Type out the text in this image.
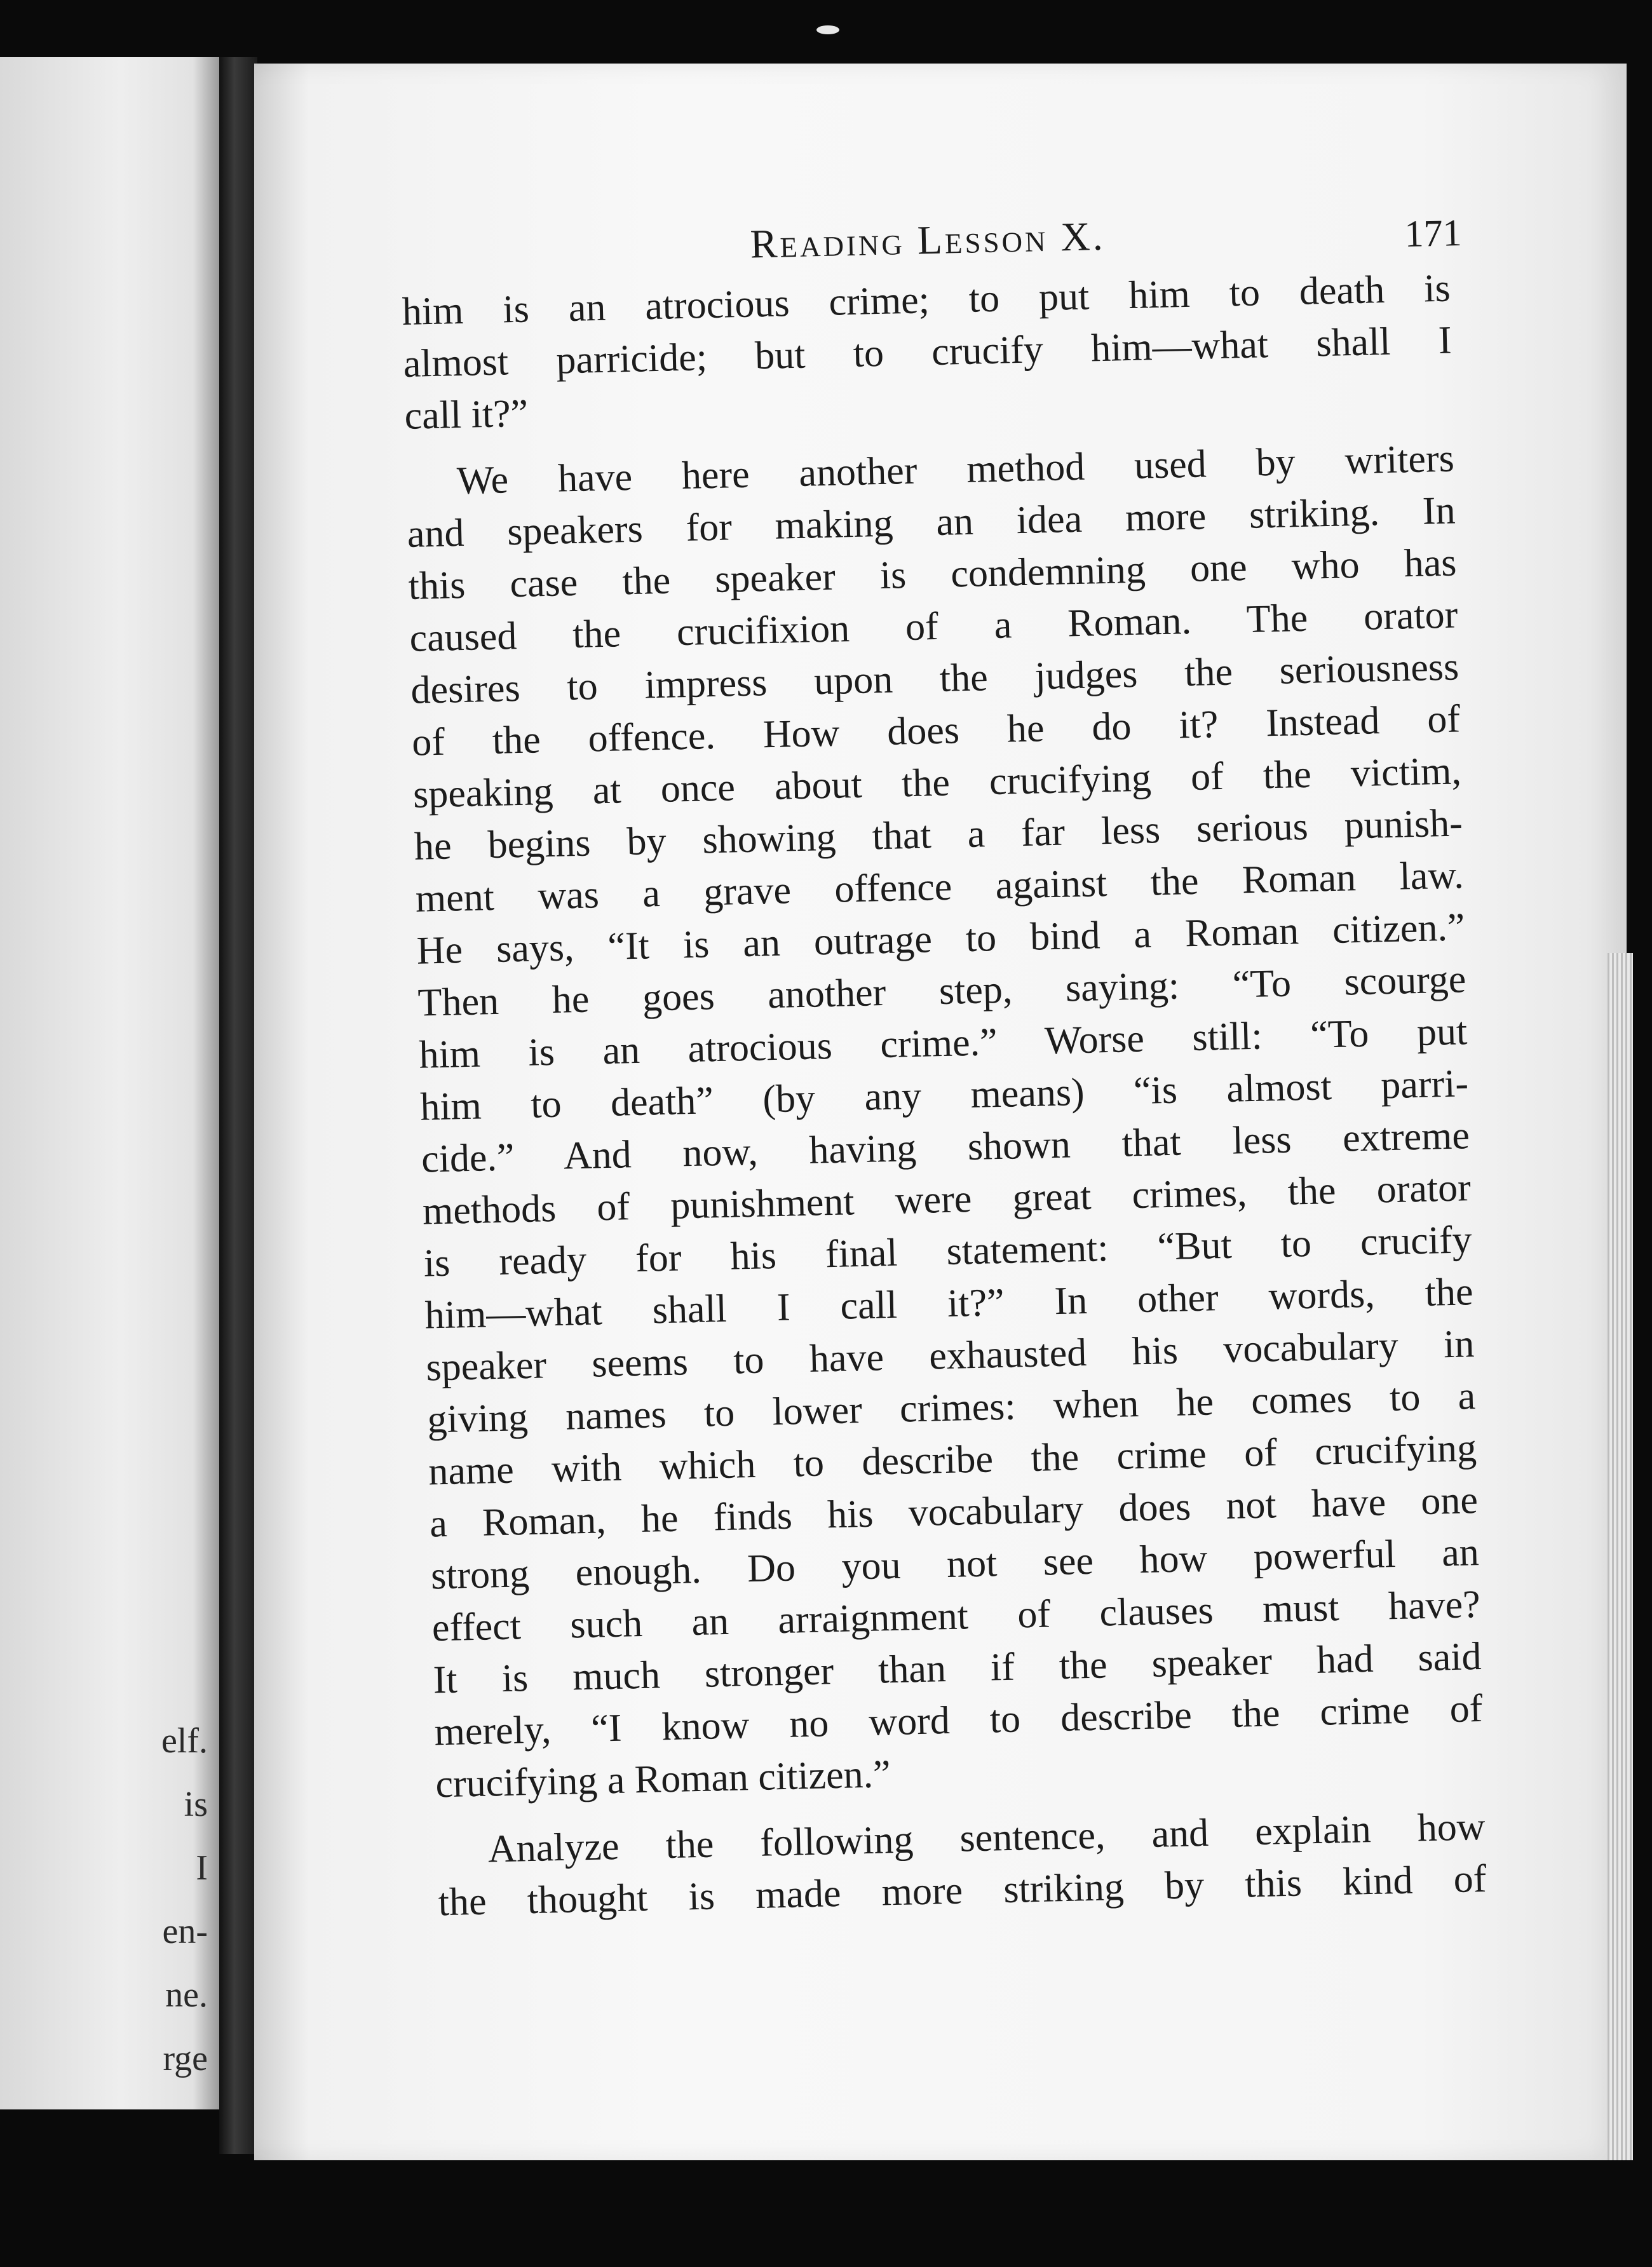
elf.
is
I
en-
ne.
rge
Reading Lesson X.	171
him is an atrocious crime; to put him to death is
almost parricide; but to crucify him—what shall I
call it?”
We have here another method used by writers
and speakers for making an idea more striking. In
this case the speaker is condemning one who has
caused the crucifixion of a Roman. The orator
desires to impress upon the judges the seriousness
of the offence. How does he do it? Instead of
speaking at once about the crucifying of the victim,
he begins by showing that a far less serious punish-
ment was a grave offence against the Roman law.
He says, “It is an outrage to bind a Roman citizen.”
Then he goes another step, saying: “To scourge
him is an atrocious crime.” Worse still: “To put
him to death” (by any means) “is almost parri-
cide.” And now, having shown that less extreme
methods of punishment were great crimes, the orator
is ready for his final statement: “But to crucify
him—what shall I call it?” In other words, the
speaker seems to have exhausted his vocabulary in
giving names to lower crimes: when he comes to a
name with which to describe the crime of crucifying
a Roman, he finds his vocabulary does not have one
strong enough. Do you not see how powerful an
effect such an arraignment of clauses must have?
It is much stronger than if the speaker had said
merely, “I know no word to describe the crime of
crucifying a Roman citizen.”
Analyze the following sentence, and explain how
the thought is made more striking by this kind of
